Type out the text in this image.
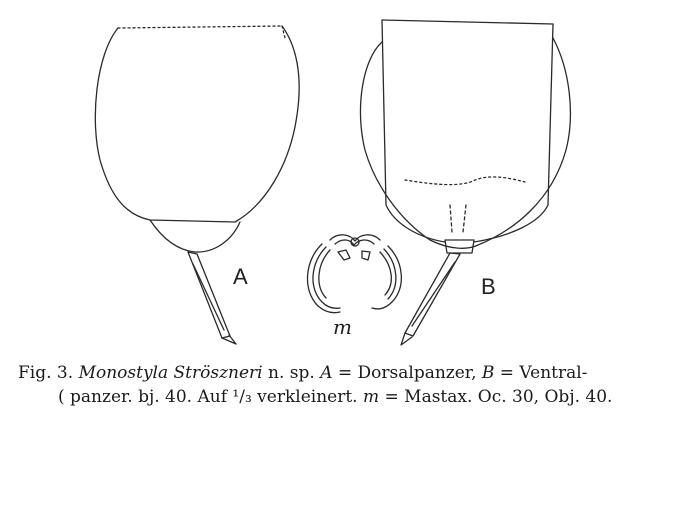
A	B
m
Fig. 3. Monostyla Strösznerі n. sp. A = Dorsalpanzer, B = Ventral-
( panzer. bj. 40. Auf ¹/₃ verkleinert. m = Mastax. Oc. 30, Obj. 40.
